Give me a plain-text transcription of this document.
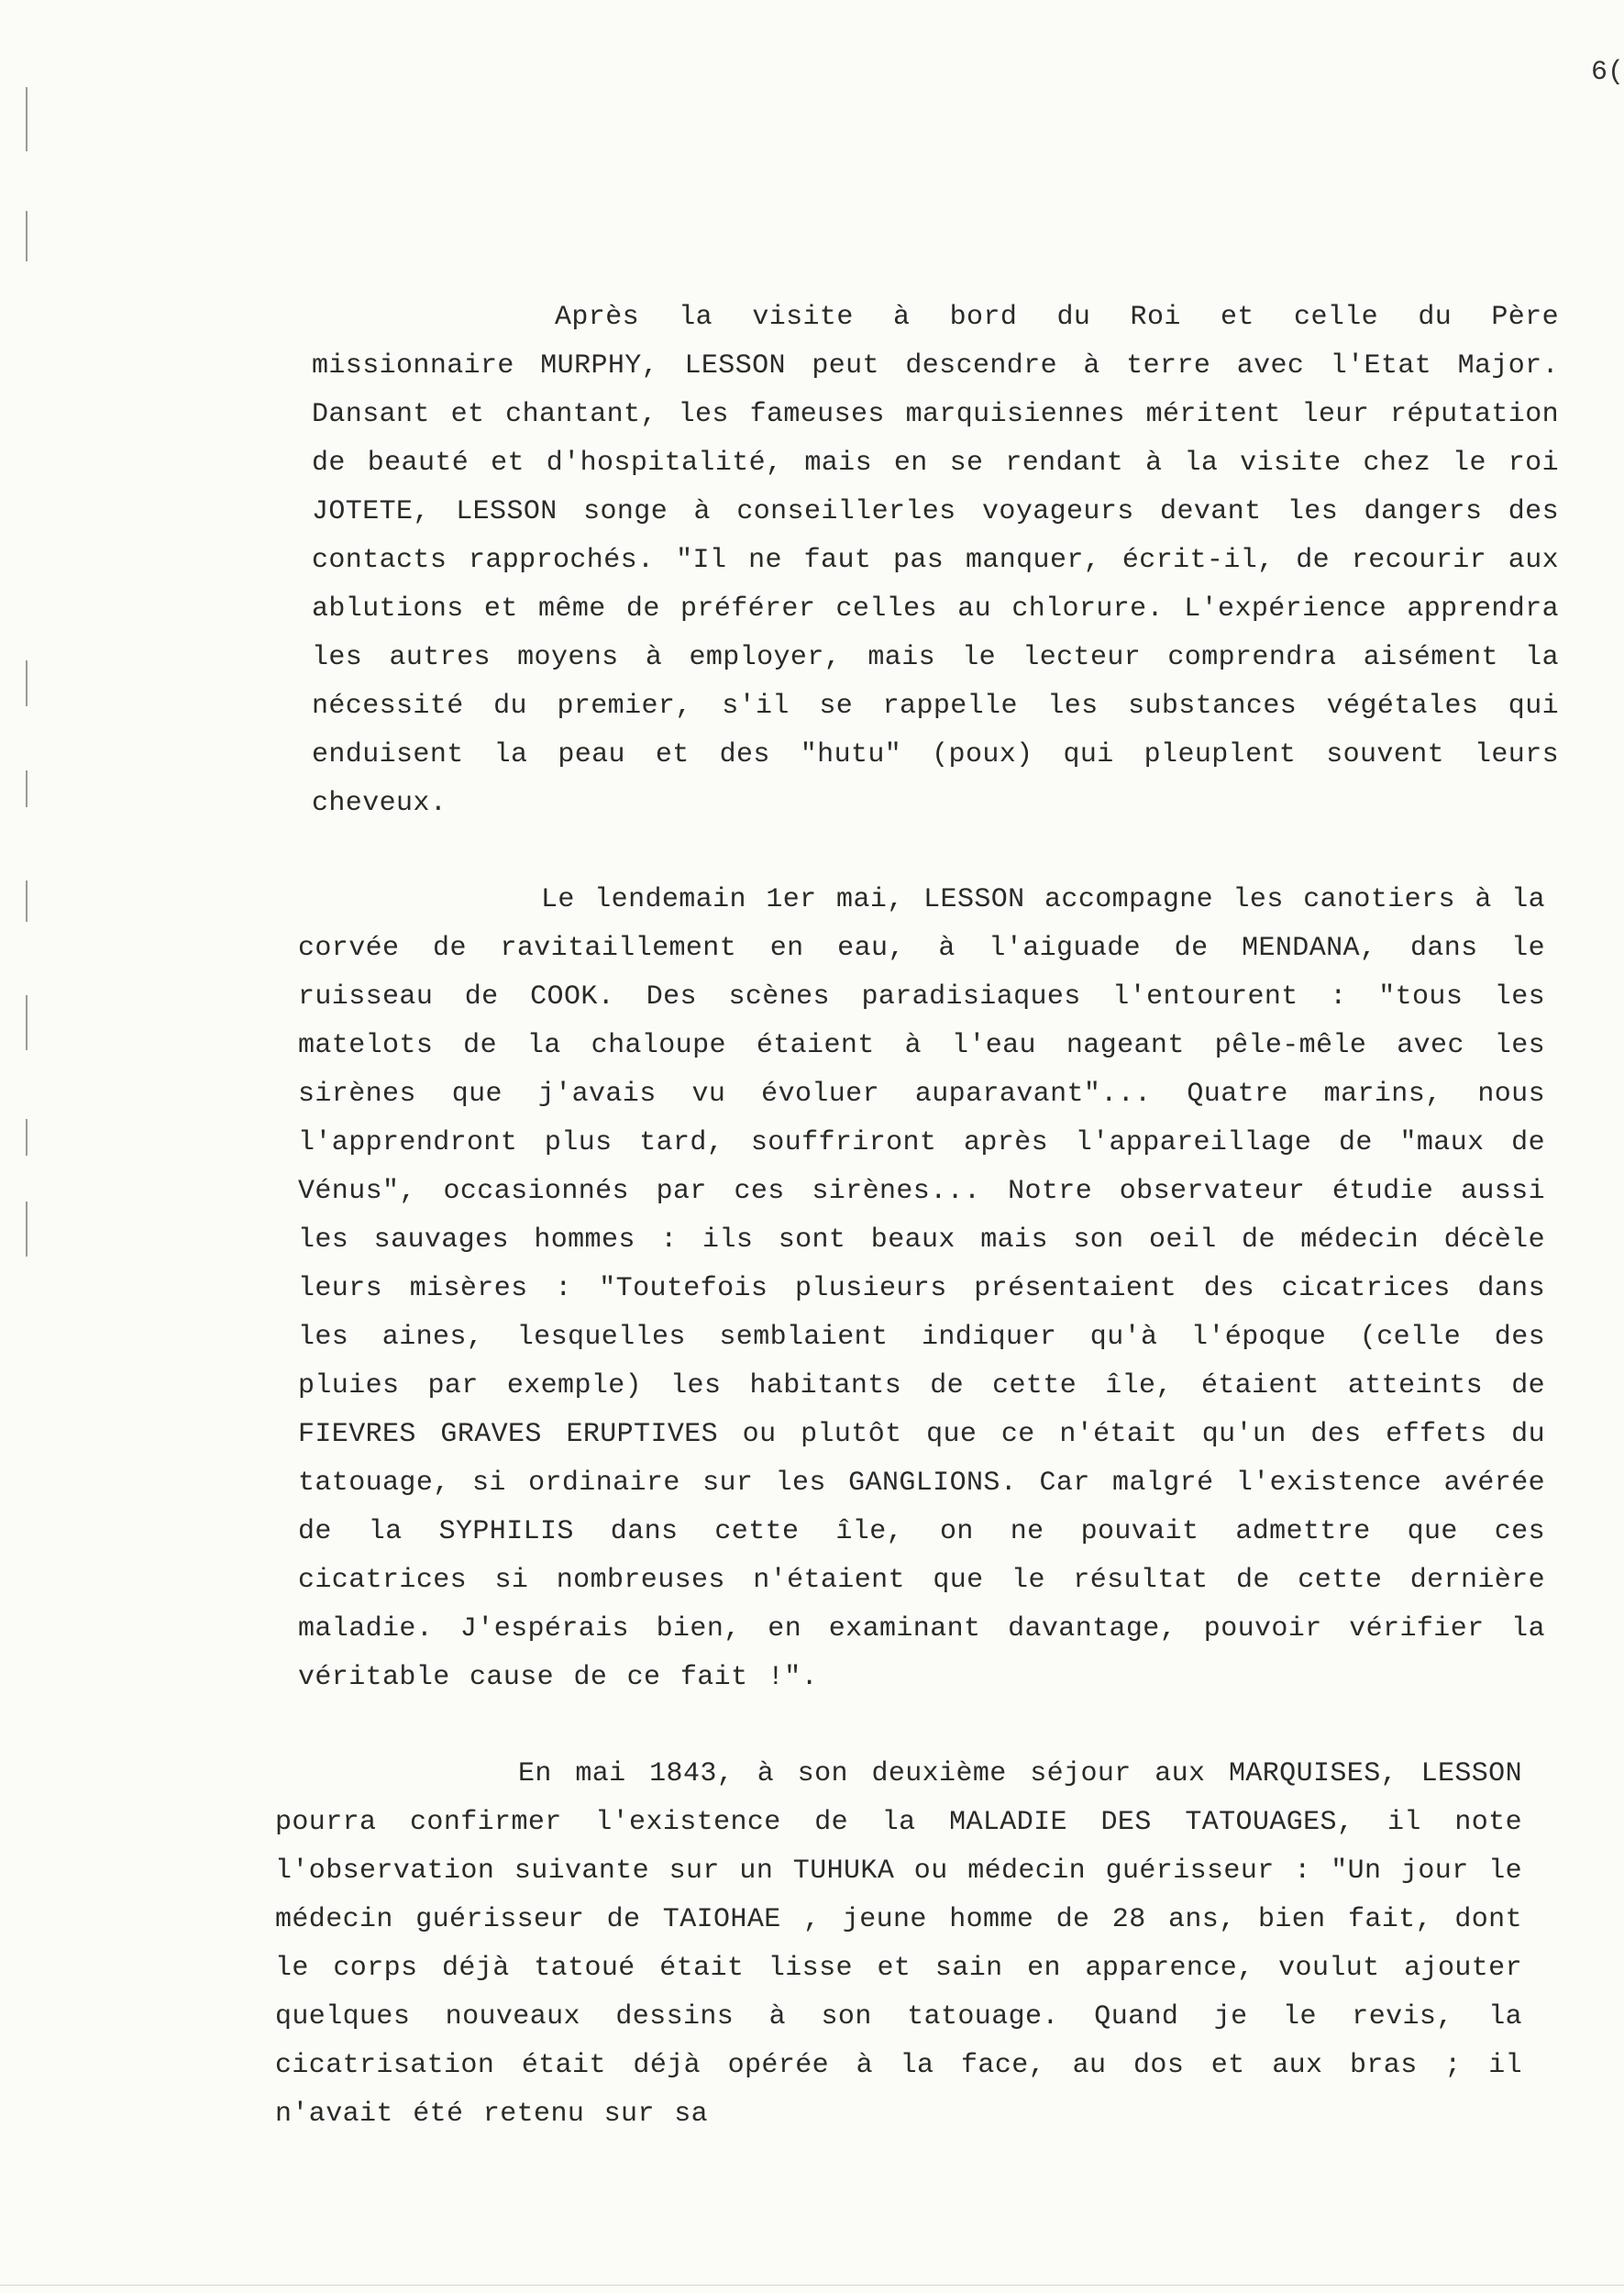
6(

Après la visite à bord du Roi et celle du Père missionnaire MURPHY, LESSON peut descendre à terre avec l'Etat Major. Dansant et chantant, les fameuses marquisiennes méritent leur réputation de beauté et d'hospitalité, mais en se rendant à la visite chez le roi JOTETE, LESSON songe à conseillerles voyageurs devant les dangers des contacts rapprochés. "Il ne faut pas manquer, écrit-il, de recourir aux ablutions et même de préférer celles au chlorure. L'expérience apprendra les autres moyens à employer, mais le lecteur comprendra aisément la nécessité du premier, s'il se rappelle les substances végétales qui enduisent la peau et des "hutu" (poux) qui pleuplent souvent leurs cheveux.

Le lendemain 1er mai, LESSON accompagne les canotiers à la corvée de ravitaillement en eau, à l'aiguade de MENDANA, dans le ruisseau de COOK. Des scènes paradisiaques l'entourent : "tous les matelots de la chaloupe étaient à l'eau nageant pêle-mêle avec les sirènes que j'avais vu évoluer auparavant"... Quatre marins, nous l'apprendront plus tard, souffriront après l'appareillage de "maux de Vénus", occasionnés par ces sirènes... Notre observateur étudie aussi les sauvages hommes : ils sont beaux mais son oeil de médecin décèle leurs misères : "Toutefois plusieurs présentaient des cicatrices dans les aines, lesquelles semblaient indiquer qu'à l'époque (celle des pluies par exemple) les habitants de cette île, étaient atteints de FIEVRES GRAVES ERUPTIVES ou plutôt que ce n'était qu'un des effets du tatouage, si ordinaire sur les GANGLIONS. Car malgré l'existence avérée de la SYPHILIS dans cette île, on ne pouvait admettre que ces cicatrices si nombreuses n'étaient que le résultat de cette dernière maladie. J'espérais bien, en examinant davantage, pouvoir vérifier la véritable cause de ce fait !".

En mai 1843, à son deuxième séjour aux MARQUISES, LESSON pourra confirmer l'existence de la MALADIE DES TATOUAGES, il note l'observation suivante sur un TUHUKA ou médecin guérisseur : "Un jour le médecin guérisseur de TAIOHAE , jeune homme de 28 ans, bien fait, dont le corps déjà tatoué était lisse et sain en apparence, voulut ajouter quelques nouveaux dessins à son tatouage. Quand je le revis, la cicatrisation était déjà opérée à la face, au dos et aux bras ; il n'avait été retenu sur sa
